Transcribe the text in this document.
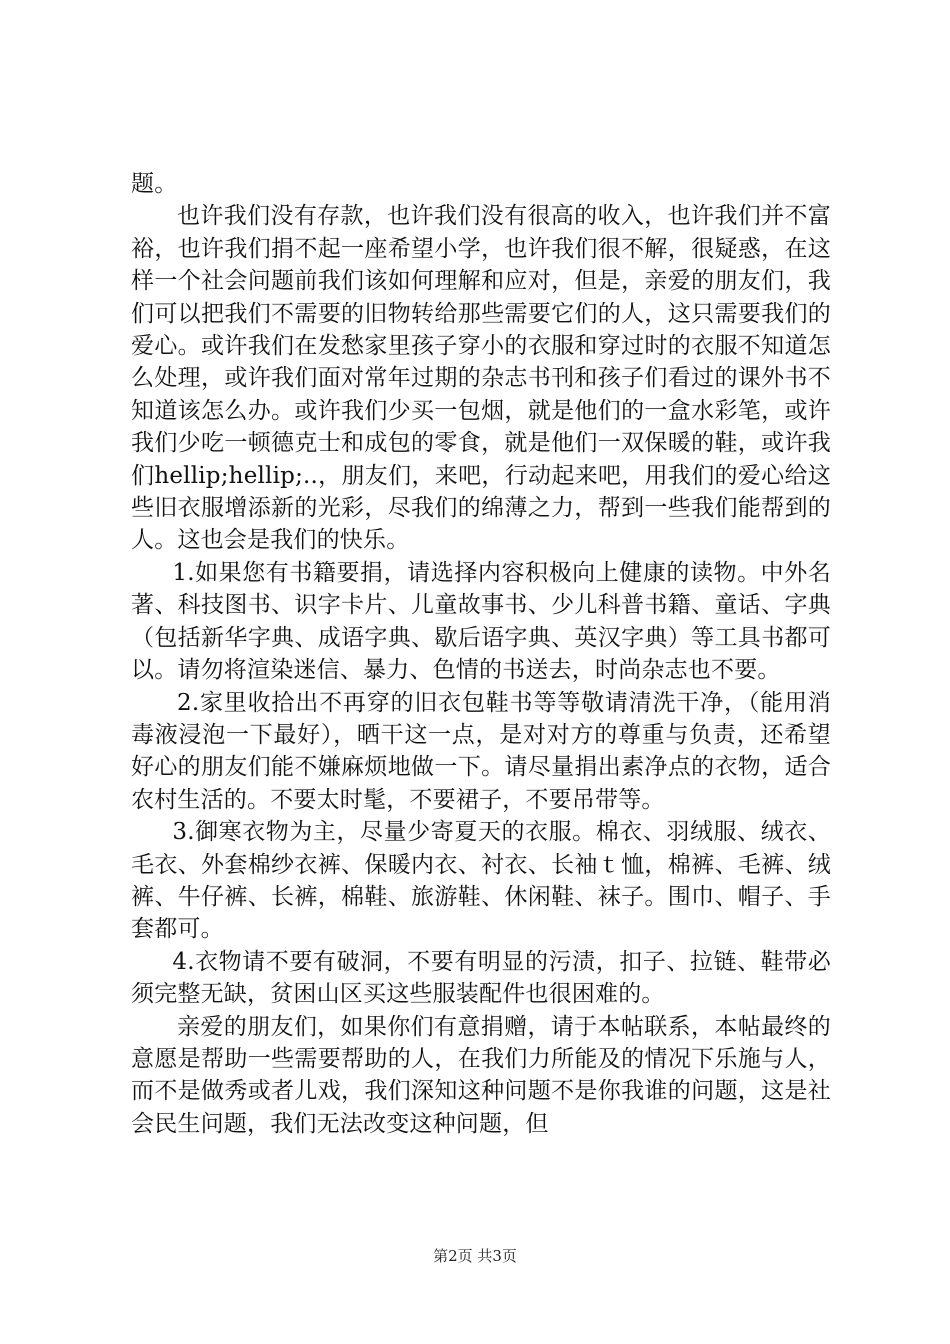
题。

也许我们没有存款，也许我们没有很高的收入，也许我们并不富裕，也许我们捐不起一座希望小学，也许我们很不解，很疑惑，在这样一个社会问题前我们该如何理解和应对，但是，亲爱的朋友们，我们可以把我们不需要的旧物转给那些需要它们的人，这只需要我们的爱心。或许我们在发愁家里孩子穿小的衣服和穿过时的衣服不知道怎么处理，或许我们面对常年过期的杂志书刊和孩子们看过的课外书不知道该怎么办。或许我们少买一包烟，就是他们的一盒水彩笔，或许我们少吃一顿德克士和成包的零食，就是他们一双保暖的鞋，或许我们hellip;hellip;..，朋友们，来吧，行动起来吧，用我们的爱心给这些旧衣服增添新的光彩，尽我们的绵薄之力，帮到一些我们能帮到的人。这也会是我们的快乐。

1.如果您有书籍要捐，请选择内容积极向上健康的读物。中外名著、科技图书、识字卡片、儿童故事书、少儿科普书籍、童话、字典（包括新华字典、成语字典、歇后语字典、英汉字典）等工具书都可以。请勿将渲染迷信、暴力、色情的书送去，时尚杂志也不要。

2.家里收拾出不再穿的旧衣包鞋书等等敬请清洗干净，（能用消毒液浸泡一下最好），晒干这一点，是对对方的尊重与负责，还希望好心的朋友们能不嫌麻烦地做一下。请尽量捐出素净点的衣物，适合农村生活的。不要太时髦，不要裙子，不要吊带等。

3.御寒衣物为主，尽量少寄夏天的衣服。棉衣、羽绒服、绒衣、毛衣、外套棉纱衣裤、保暖内衣、衬衣、长袖ｔ恤，棉裤、毛裤、绒裤、牛仔裤、长裤，棉鞋、旅游鞋、休闲鞋、袜子。围巾、帽子、手套都可。

4.衣物请不要有破洞，不要有明显的污渍，扣子、拉链、鞋带必须完整无缺，贫困山区买这些服装配件也很困难的。

亲爱的朋友们，如果你们有意捐赠，请于本帖联系，本帖最终的意愿是帮助一些需要帮助的人，在我们力所能及的情况下乐施与人，而不是做秀或者儿戏，我们深知这种问题不是你我谁的问题，这是社会民生问题，我们无法改变这种问题，但

第2页 共3页
